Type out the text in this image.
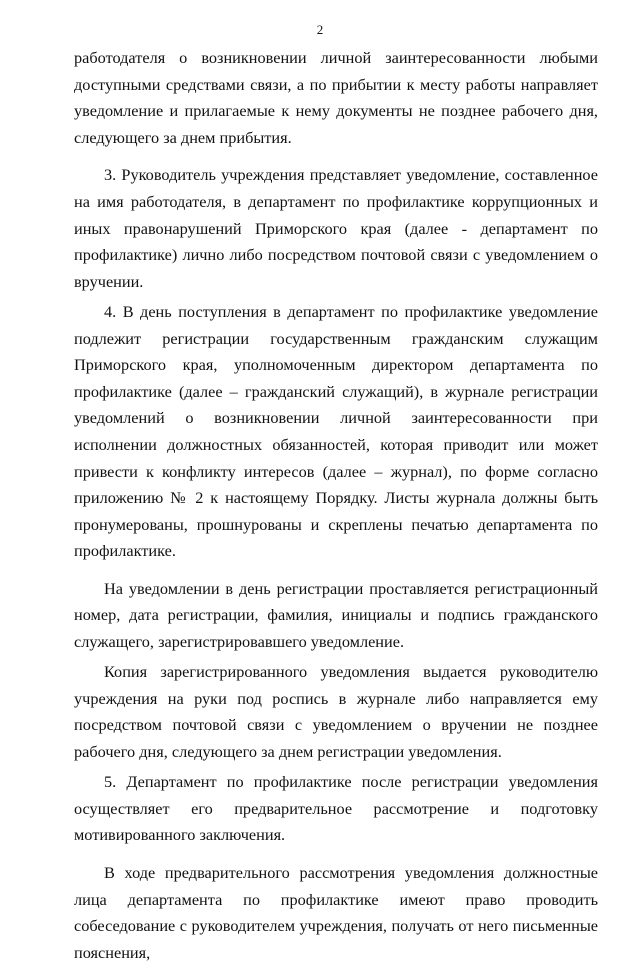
2

работодателя о возникновении личной заинтересованности любыми доступными средствами связи, а по прибытии к месту работы направляет уведомление и прилагаемые к нему документы не позднее рабочего дня, следующего за днем прибытия.

3. Руководитель учреждения представляет уведомление, составленное на имя работодателя, в департамент по профилактике коррупционных и иных правонарушений Приморского края (далее - департамент по профилактике) лично либо посредством почтовой связи с уведомлением о вручении.

4. В день поступления в департамент по профилактике уведомление подлежит регистрации государственным гражданским служащим Приморского края, уполномоченным директором департамента по профилактике (далее – гражданский служащий), в журнале регистрации уведомлений о возникновении личной заинтересованности при исполнении должностных обязанностей, которая приводит или может привести к конфликту интересов (далее – журнал), по форме согласно приложению № 2 к настоящему Порядку. Листы журнала должны быть пронумерованы, прошнурованы и скреплены печатью департамента по профилактике.

На уведомлении в день регистрации проставляется регистрационный номер, дата регистрации, фамилия, инициалы и подпись гражданского служащего, зарегистрировавшего уведомление.

Копия зарегистрированного уведомления выдается руководителю учреждения на руки под роспись в журнале либо направляется ему посредством почтовой связи с уведомлением о вручении не позднее рабочего дня, следующего за днем регистрации уведомления.

5. Департамент по профилактике после регистрации уведомления осуществляет его предварительное рассмотрение и подготовку мотивированного заключения.

В ходе предварительного рассмотрения уведомления должностные лица департамента по профилактике имеют право проводить собеседование с руководителем учреждения, получать от него письменные пояснения,
